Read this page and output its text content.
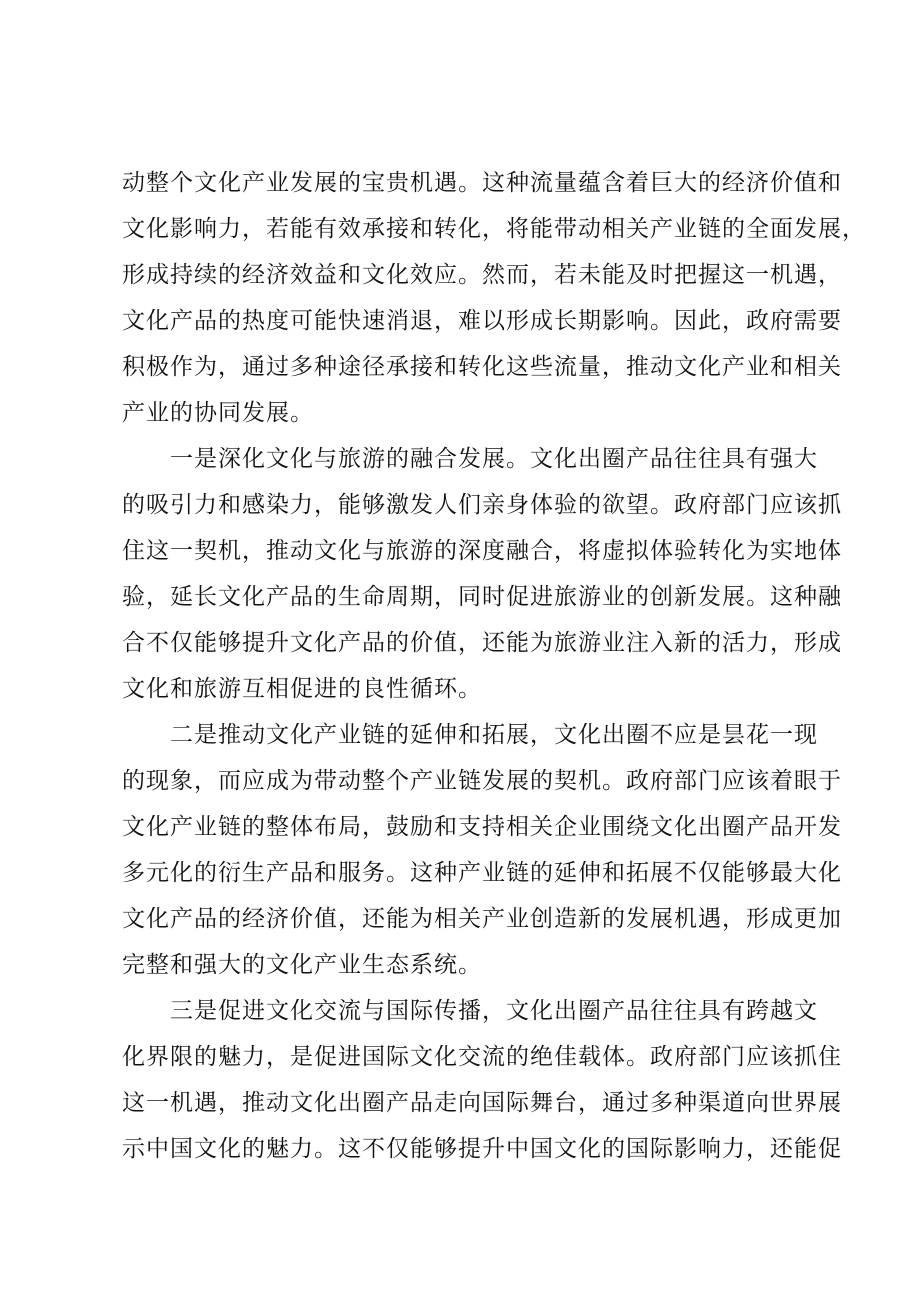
动整个文化产业发展的宝贵机遇。这种流量蕴含着巨大的经济价值和
文化影响力，若能有效承接和转化，将能带动相关产业链的全面发展，
形成持续的经济效益和文化效应。然而，若未能及时把握这一机遇，
文化产品的热度可能快速消退，难以形成长期影响。因此，政府需要
积极作为，通过多种途径承接和转化这些流量，推动文化产业和相关
产业的协同发展。

一是深化文化与旅游的融合发展。文化出圈产品往往具有强大
的吸引力和感染力，能够激发人们亲身体验的欲望。政府部门应该抓
住这一契机，推动文化与旅游的深度融合，将虚拟体验转化为实地体
验，延长文化产品的生命周期，同时促进旅游业的创新发展。这种融
合不仅能够提升文化产品的价值，还能为旅游业注入新的活力，形成
文化和旅游互相促进的良性循环。

二是推动文化产业链的延伸和拓展，文化出圈不应是昙花一现
的现象，而应成为带动整个产业链发展的契机。政府部门应该着眼于
文化产业链的整体布局，鼓励和支持相关企业围绕文化出圈产品开发
多元化的衍生产品和服务。这种产业链的延伸和拓展不仅能够最大化
文化产品的经济价值，还能为相关产业创造新的发展机遇，形成更加
完整和强大的文化产业生态系统。

三是促进文化交流与国际传播，文化出圈产品往往具有跨越文
化界限的魅力，是促进国际文化交流的绝佳载体。政府部门应该抓住
这一机遇，推动文化出圈产品走向国际舞台，通过多种渠道向世界展
示中国文化的魅力。这不仅能够提升中国文化的国际影响力，还能促
